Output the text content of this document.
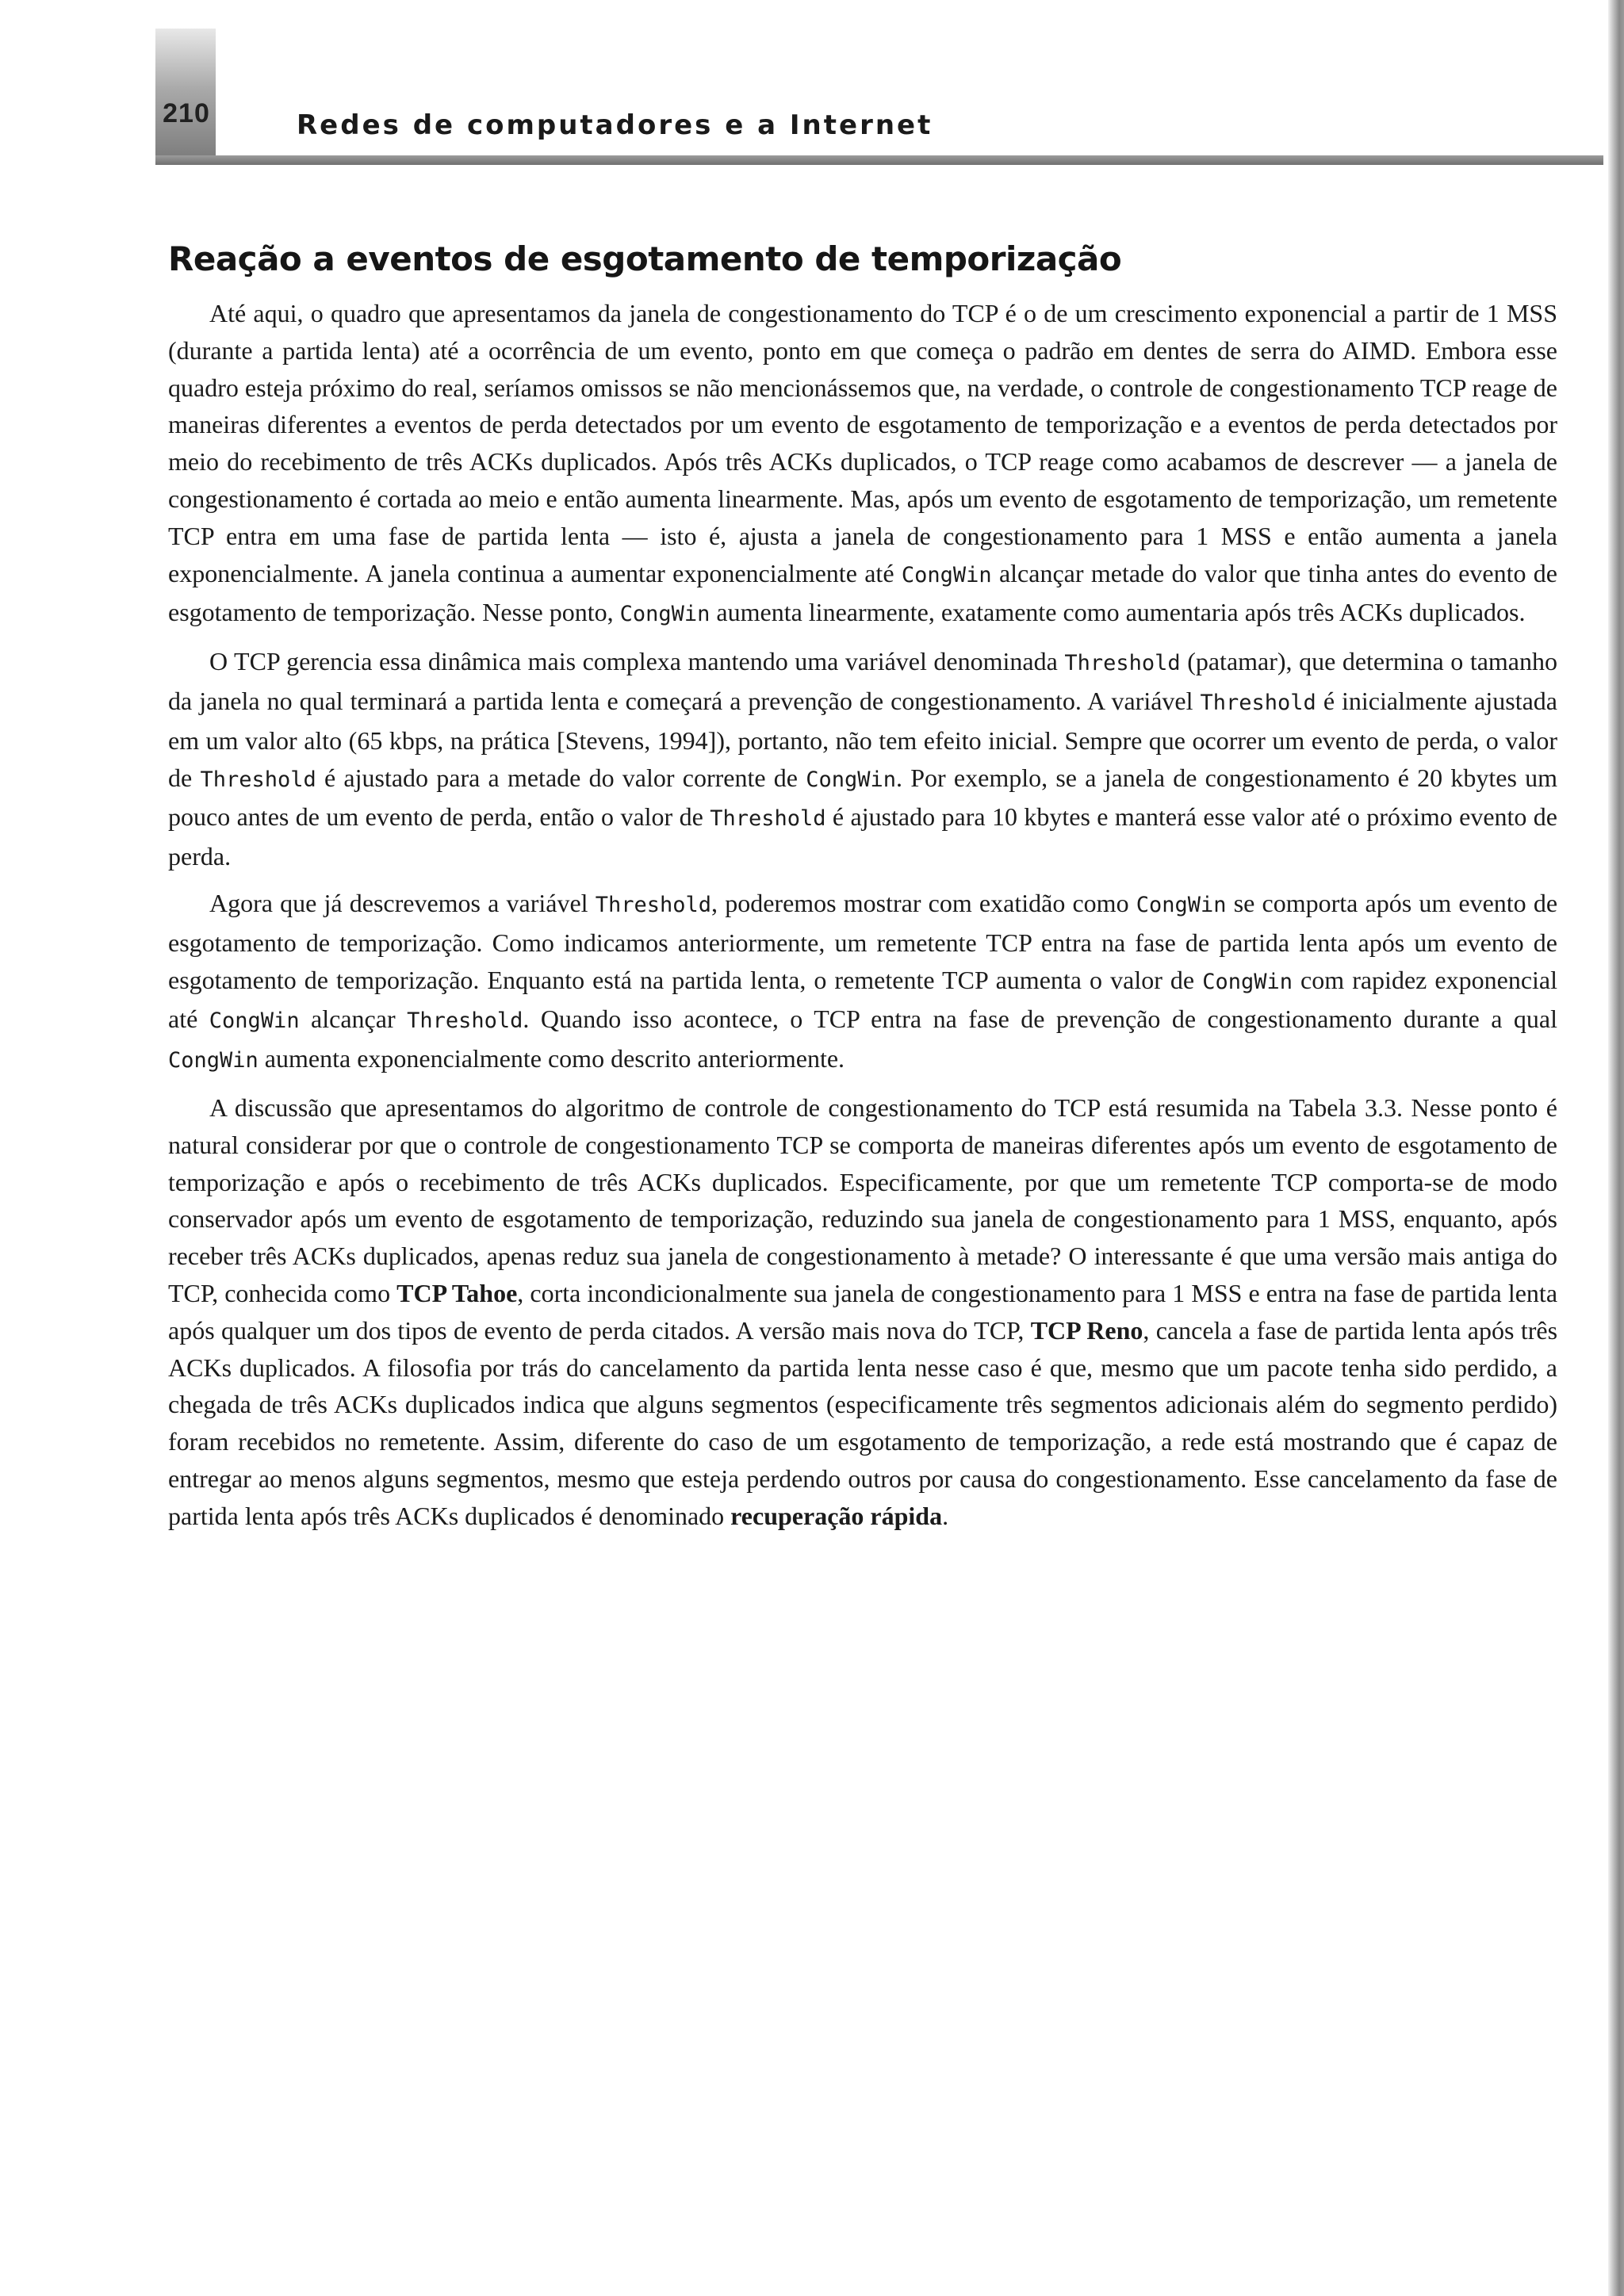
210	Redes de computadores e a Internet
Reação a eventos de esgotamento de temporização

Até aqui, o quadro que apresentamos da janela de congestionamento do TCP é o de um crescimento exponencial a partir de 1 MSS (durante a partida lenta) até a ocorrência de um evento, ponto em que começa o padrão em dentes de serra do AIMD. Embora esse quadro esteja próximo do real, seríamos omissos se não mencionássemos que, na verdade, o controle de congestionamento TCP reage de maneiras diferentes a eventos de perda detectados por um evento de esgotamento de temporização e a eventos de perda detectados por meio do recebimento de três ACKs duplicados. Após três ACKs duplicados, o TCP reage como acabamos de descrever — a janela de congestionamento é cortada ao meio e então aumenta linearmente. Mas, após um evento de esgotamento de temporização, um remetente TCP entra em uma fase de partida lenta — isto é, ajusta a janela de congestionamento para 1 MSS e então aumenta a janela exponencialmente. A janela continua a aumentar exponencialmente até CongWin alcançar metade do valor que tinha antes do evento de esgotamento de temporização. Nesse ponto, CongWin aumenta linearmente, exatamente como aumentaria após três ACKs duplicados.

O TCP gerencia essa dinâmica mais complexa mantendo uma variável denominada Threshold (patamar), que determina o tamanho da janela no qual terminará a partida lenta e começará a prevenção de congestionamento. A variável Threshold é inicialmente ajustada em um valor alto (65 kbps, na prática [Stevens, 1994]), portanto, não tem efeito inicial. Sempre que ocorrer um evento de perda, o valor de Threshold é ajustado para a metade do valor corrente de CongWin. Por exemplo, se a janela de congestionamento é 20 kbytes um pouco antes de um evento de perda, então o valor de Threshold é ajustado para 10 kbytes e manterá esse valor até o próximo evento de perda.

Agora que já descrevemos a variável Threshold, poderemos mostrar com exatidão como CongWin se comporta após um evento de esgotamento de temporização. Como indicamos anteriormente, um remetente TCP entra na fase de partida lenta após um evento de esgotamento de temporização. Enquanto está na partida lenta, o remetente TCP aumenta o valor de CongWin com rapidez exponencial até CongWin alcançar Threshold. Quando isso acontece, o TCP entra na fase de prevenção de congestionamento durante a qual CongWin aumenta exponencialmente como descrito anteriormente.

A discussão que apresentamos do algoritmo de controle de congestionamento do TCP está resumida na Tabela 3.3. Nesse ponto é natural considerar por que o controle de congestionamento TCP se comporta de maneiras diferentes após um evento de esgotamento de temporização e após o recebimento de três ACKs duplicados. Especificamente, por que um remetente TCP comporta-se de modo conservador após um evento de esgotamento de temporização, reduzindo sua janela de congestionamento para 1 MSS, enquanto, após receber três ACKs duplicados, apenas reduz sua janela de congestionamento à metade? O interessante é que uma versão mais antiga do TCP, conhecida como TCP Tahoe, corta incondicionalmente sua janela de congestionamento para 1 MSS e entra na fase de partida lenta após qualquer um dos tipos de evento de perda citados. A versão mais nova do TCP, TCP Reno, cancela a fase de partida lenta após três ACKs duplicados. A filosofia por trás do cancelamento da partida lenta nesse caso é que, mesmo que um pacote tenha sido perdido, a chegada de três ACKs duplicados indica que alguns segmentos (especificamente três segmentos adicionais além do segmento perdido) foram recebidos no remetente. Assim, diferente do caso de um esgotamento de temporização, a rede está mostrando que é capaz de entregar ao menos alguns segmentos, mesmo que esteja perdendo outros por causa do congestionamento. Esse cancelamento da fase de partida lenta após três ACKs duplicados é denominado recuperação rápida.
